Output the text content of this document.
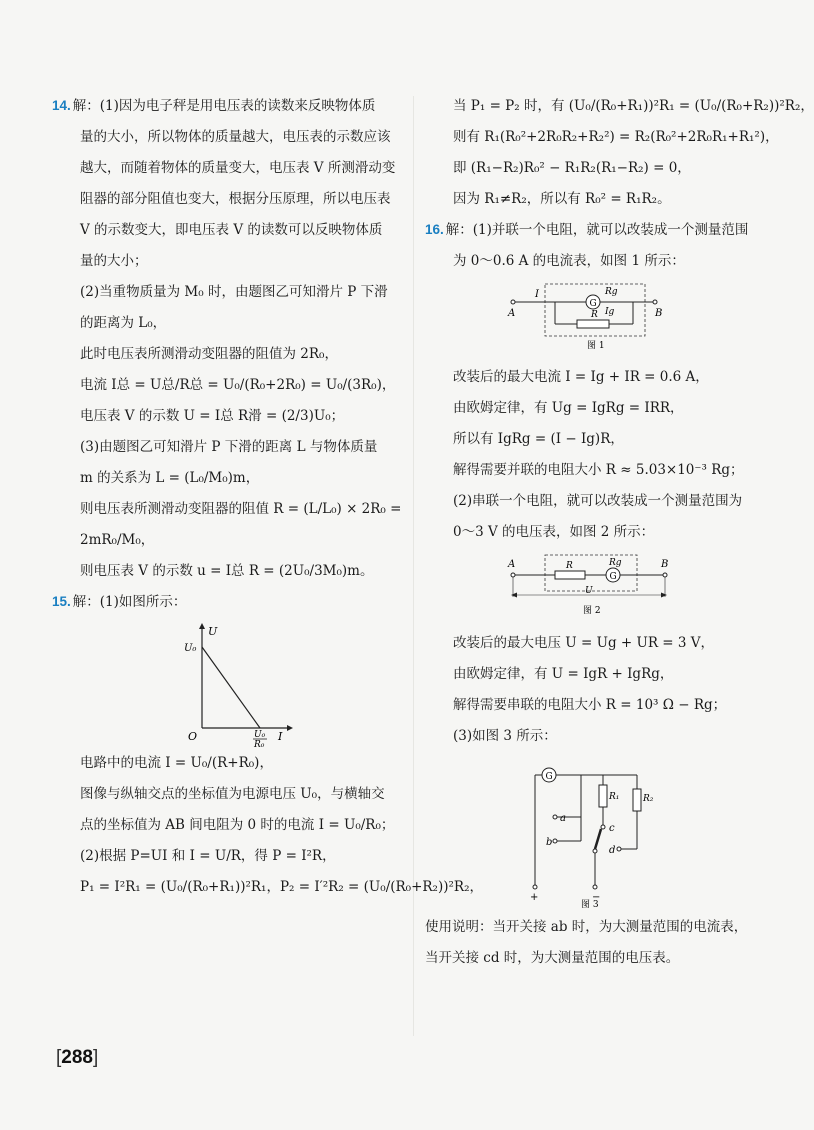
14. 解：(1)因为电子秤是用电压表的读数来反映物体质
量的大小，所以物体的质量越大，电压表的示数应该
越大，而随着物体的质量变大，电压表 V 所测滑动变
阻器的部分阻值也变大，根据分压原理，所以电压表
V 的示数变大，即电压表 V 的读数可以反映物体质
量的大小；
(2)当重物质量为 M₀ 时，由题图乙可知滑片 P 下滑
的距离为 L₀，
此时电压表所测滑动变阻器的阻值为 2R₀，
电流 I总 = U总/R总 = U₀/(R₀+2R₀) = U₀/(3R₀)，
电压表 V 的示数 U = I总 R滑 = (2/3)U₀；
(3)由题图乙可知滑片 P 下滑的距离 L 与物体质量
m 的关系为 L = (L₀/M₀)m，
则电压表所测滑动变阻器的阻值 R = (L/L₀) × 2R₀ =
2mR₀/M₀，
则电压表 V 的示数 u = I总 R = (2U₀/3M₀)m。
15. 解：(1)如图所示：
U
U₀
O	I
U₀
R₀
电路中的电流 I = U₀/(R+R₀)，
图像与纵轴交点的坐标值为电源电压 U₀，与横轴交
点的坐标值为 AB 间电阻为 0 时的电流 I = U₀/R₀；
(2)根据 P=UI 和 I = U/R，得 P = I²R，
P₁ = I²R₁ = (U₀/(R₀+R₁))²R₁，P₂ = I′²R₂ = (U₀/(R₀+R₂))²R₂，
当 P₁ = P₂ 时，有 (U₀/(R₀+R₁))²R₁ = (U₀/(R₀+R₂))²R₂，
则有 R₁(R₀²+2R₀R₂+R₂²) = R₂(R₀²+2R₀R₁+R₁²)，
即 (R₁−R₂)R₀² − R₁R₂(R₁−R₂) = 0，
因为 R₁≠R₂，所以有 R₀² = R₁R₂。
16. 解：(1)并联一个电阻，就可以改装成一个测量范围
为 0～0.6 A 的电流表，如图 1 所示：
G
A	B
I	Rg
Ig
R
图 1
改装后的最大电流 I = Ig + IR = 0.6 A，
由欧姆定律，有 Ug = IgRg = IRR，
所以有 IgRg = (I − Ig)R，
解得需要并联的电阻大小 R ≈ 5.03×10⁻³ Rg；
(2)串联一个电阻，就可以改装成一个测量范围为
0～3 V 的电压表，如图 2 所示：
G
R	Rg
A	B
U
图 2
改装后的最大电压 U = Ug + UR = 3 V，
由欧姆定律，有 U = IgR + IgRg，
解得需要串联的电阻大小 R = 10³ Ω − Rg；
(3)如图 3 所示：
G
+
a
b
R₁
c
−
R₂
d
图 3
使用说明：当开关接 ab 时，为大测量范围的电流表，
当开关接 cd 时，为大测量范围的电压表。
[288]
